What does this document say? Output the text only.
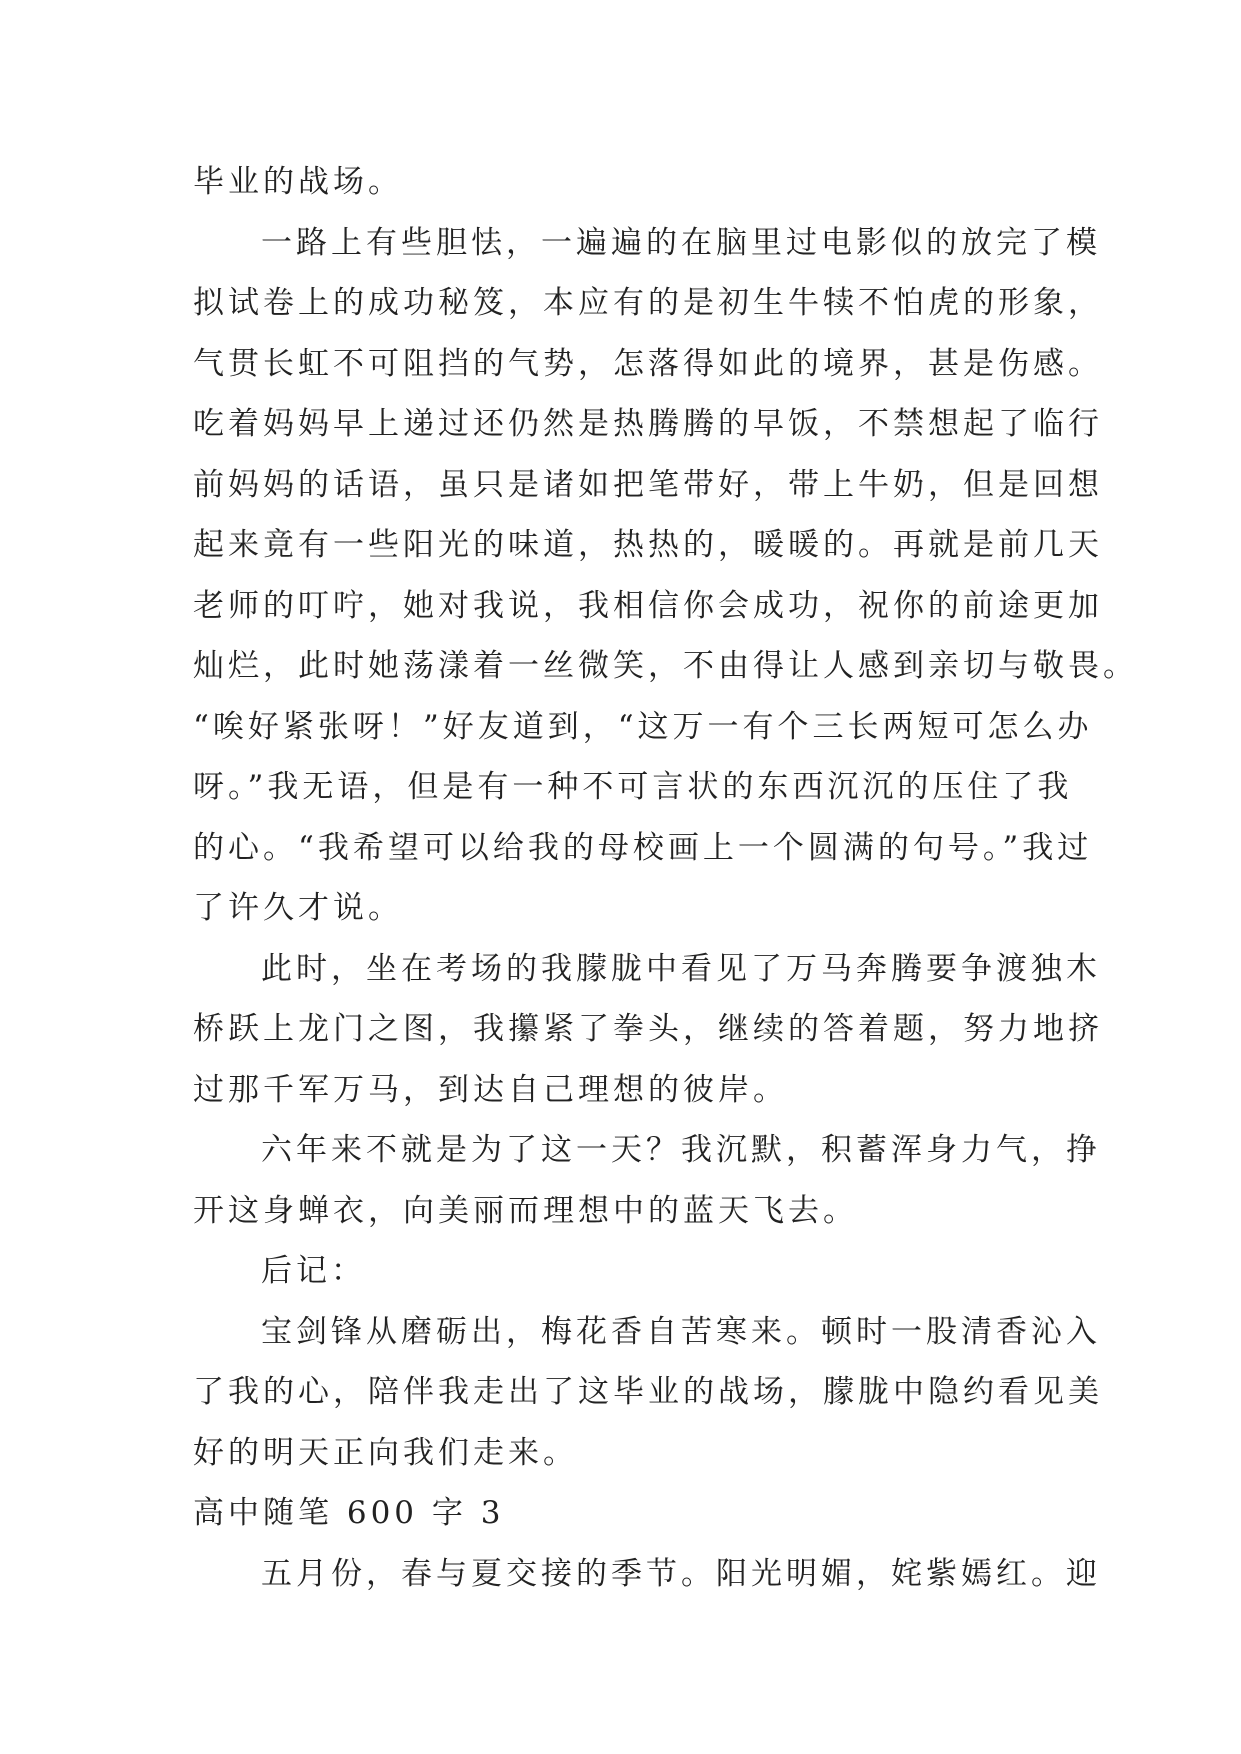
毕业的战场。
一路上有些胆怯，一遍遍的在脑里过电影似的放完了模
拟试卷上的成功秘笈，本应有的是初生牛犊不怕虎的形象，
气贯长虹不可阻挡的气势，怎落得如此的境界，甚是伤感。
吃着妈妈早上递过还仍然是热腾腾的早饭，不禁想起了临行
前妈妈的话语，虽只是诸如把笔带好，带上牛奶，但是回想
起来竟有一些阳光的味道，热热的，暖暖的。再就是前几天
老师的叮咛，她对我说，我相信你会成功，祝你的前途更加
灿烂，此时她荡漾着一丝微笑，不由得让人感到亲切与敬畏。
“唉好紧张呀！”好友道到，“这万一有个三长两短可怎么办
呀。”我无语，但是有一种不可言状的东西沉沉的压住了我
的心。“我希望可以给我的母校画上一个圆满的句号。”我过
了许久才说。
此时，坐在考场的我朦胧中看见了万马奔腾要争渡独木
桥跃上龙门之图，我攥紧了拳头，继续的答着题，努力地挤
过那千军万马，到达自己理想的彼岸。
六年来不就是为了这一天？我沉默，积蓄浑身力气，挣
开这身蝉衣，向美丽而理想中的蓝天飞去。
后记：
宝剑锋从磨砺出，梅花香自苦寒来。顿时一股清香沁入
了我的心，陪伴我走出了这毕业的战场，朦胧中隐约看见美
好的明天正向我们走来。
高中随笔 600 字 3
五月份，春与夏交接的季节。阳光明媚，姹紫嫣红。迎
